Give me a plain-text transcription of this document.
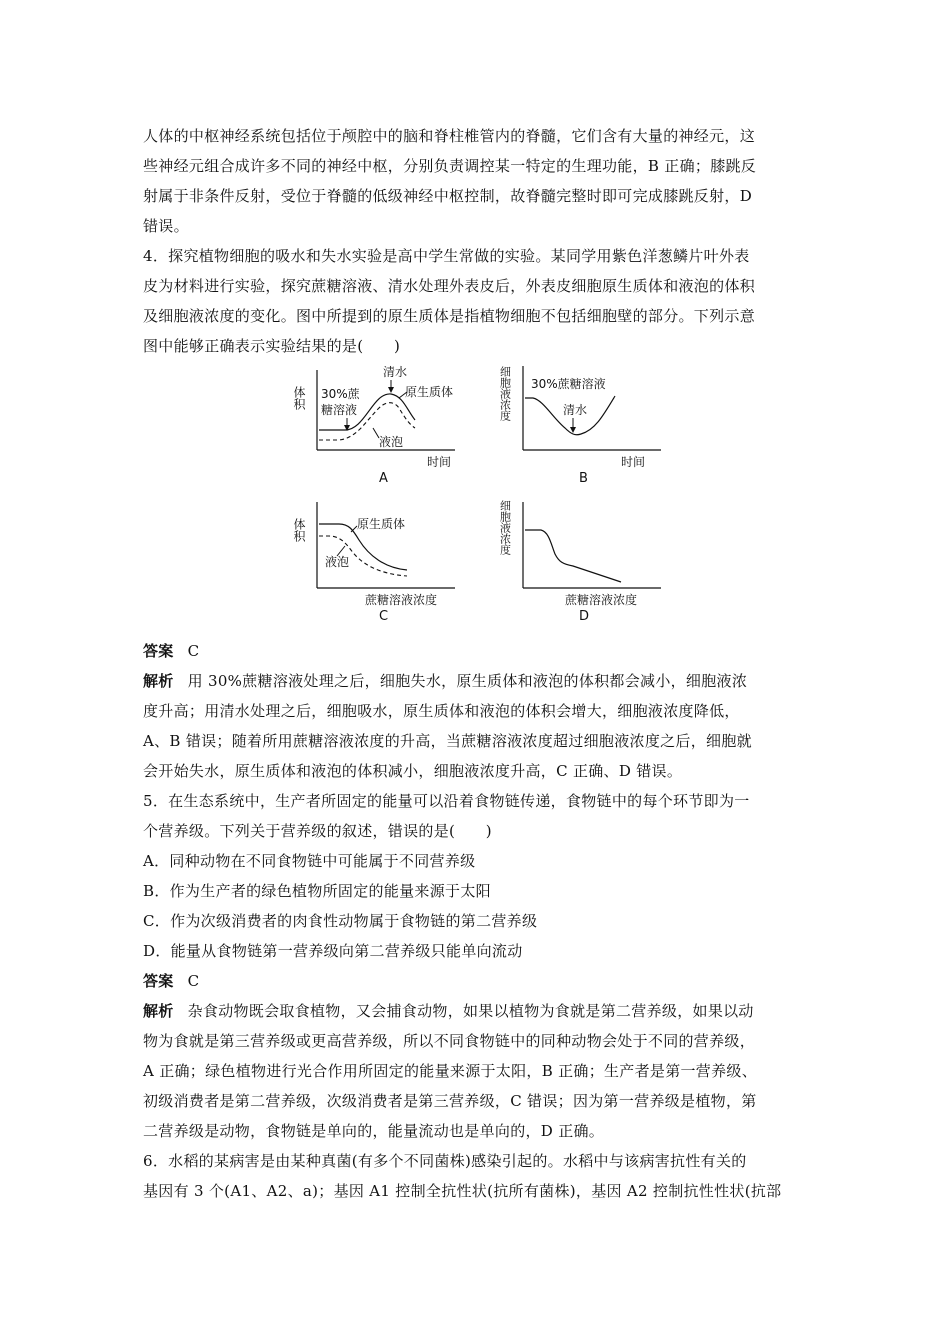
人体的中枢神经系统包括位于颅腔中的脑和脊柱椎管内的脊髓，它们含有大量的神经元，这
些神经元组合成许多不同的神经中枢，分别负责调控某一特定的生理功能，B 正确；膝跳反
射属于非条件反射，受位于脊髓的低级神经中枢控制，故脊髓完整时即可完成膝跳反射，D
错误。
4．探究植物细胞的吸水和失水实验是高中学生常做的实验。某同学用紫色洋葱鳞片叶外表
皮为材料进行实验，探究蔗糖溶液、清水处理外表皮后，外表皮细胞原生质体和液泡的体积
及细胞液浓度的变化。图中所提到的原生质体是指植物细胞不包括细胞壁的部分。下列示意
图中能够正确表示实验结果的是(　　)
体积
时间
30%蔗
糖溶液
清水
原生质体
液泡
A
细胞液浓度
时间
30%蔗糖溶液
清水
B
体积
蔗糖溶液浓度
原生质体
液泡
C
细胞液浓度
蔗糖溶液浓度
D
答案 C
解析 用 30%蔗糖溶液处理之后，细胞失水，原生质体和液泡的体积都会减小，细胞液浓
度升高；用清水处理之后，细胞吸水，原生质体和液泡的体积会增大，细胞液浓度降低，
A、B 错误；随着所用蔗糖溶液浓度的升高，当蔗糖溶液浓度超过细胞液浓度之后，细胞就
会开始失水，原生质体和液泡的体积减小，细胞液浓度升高，C 正确、D 错误。
5．在生态系统中，生产者所固定的能量可以沿着食物链传递，食物链中的每个环节即为一
个营养级。下列关于营养级的叙述，错误的是(　　)
A．同种动物在不同食物链中可能属于不同营养级
B．作为生产者的绿色植物所固定的能量来源于太阳
C．作为次级消费者的肉食性动物属于食物链的第二营养级
D．能量从食物链第一营养级向第二营养级只能单向流动
答案 C
解析 杂食动物既会取食植物，又会捕食动物，如果以植物为食就是第二营养级，如果以动
物为食就是第三营养级或更高营养级，所以不同食物链中的同种动物会处于不同的营养级，
A 正确；绿色植物进行光合作用所固定的能量来源于太阳，B 正确；生产者是第一营养级、
初级消费者是第二营养级，次级消费者是第三营养级，C 错误；因为第一营养级是植物，第
二营养级是动物，食物链是单向的，能量流动也是单向的，D 正确。
6．水稻的某病害是由某种真菌(有多个不同菌株)感染引起的。水稻中与该病害抗性有关的
基因有 3 个(A1、A2、a)；基因 A1 控制全抗性状(抗所有菌株)，基因 A2 控制抗性性状(抗部
